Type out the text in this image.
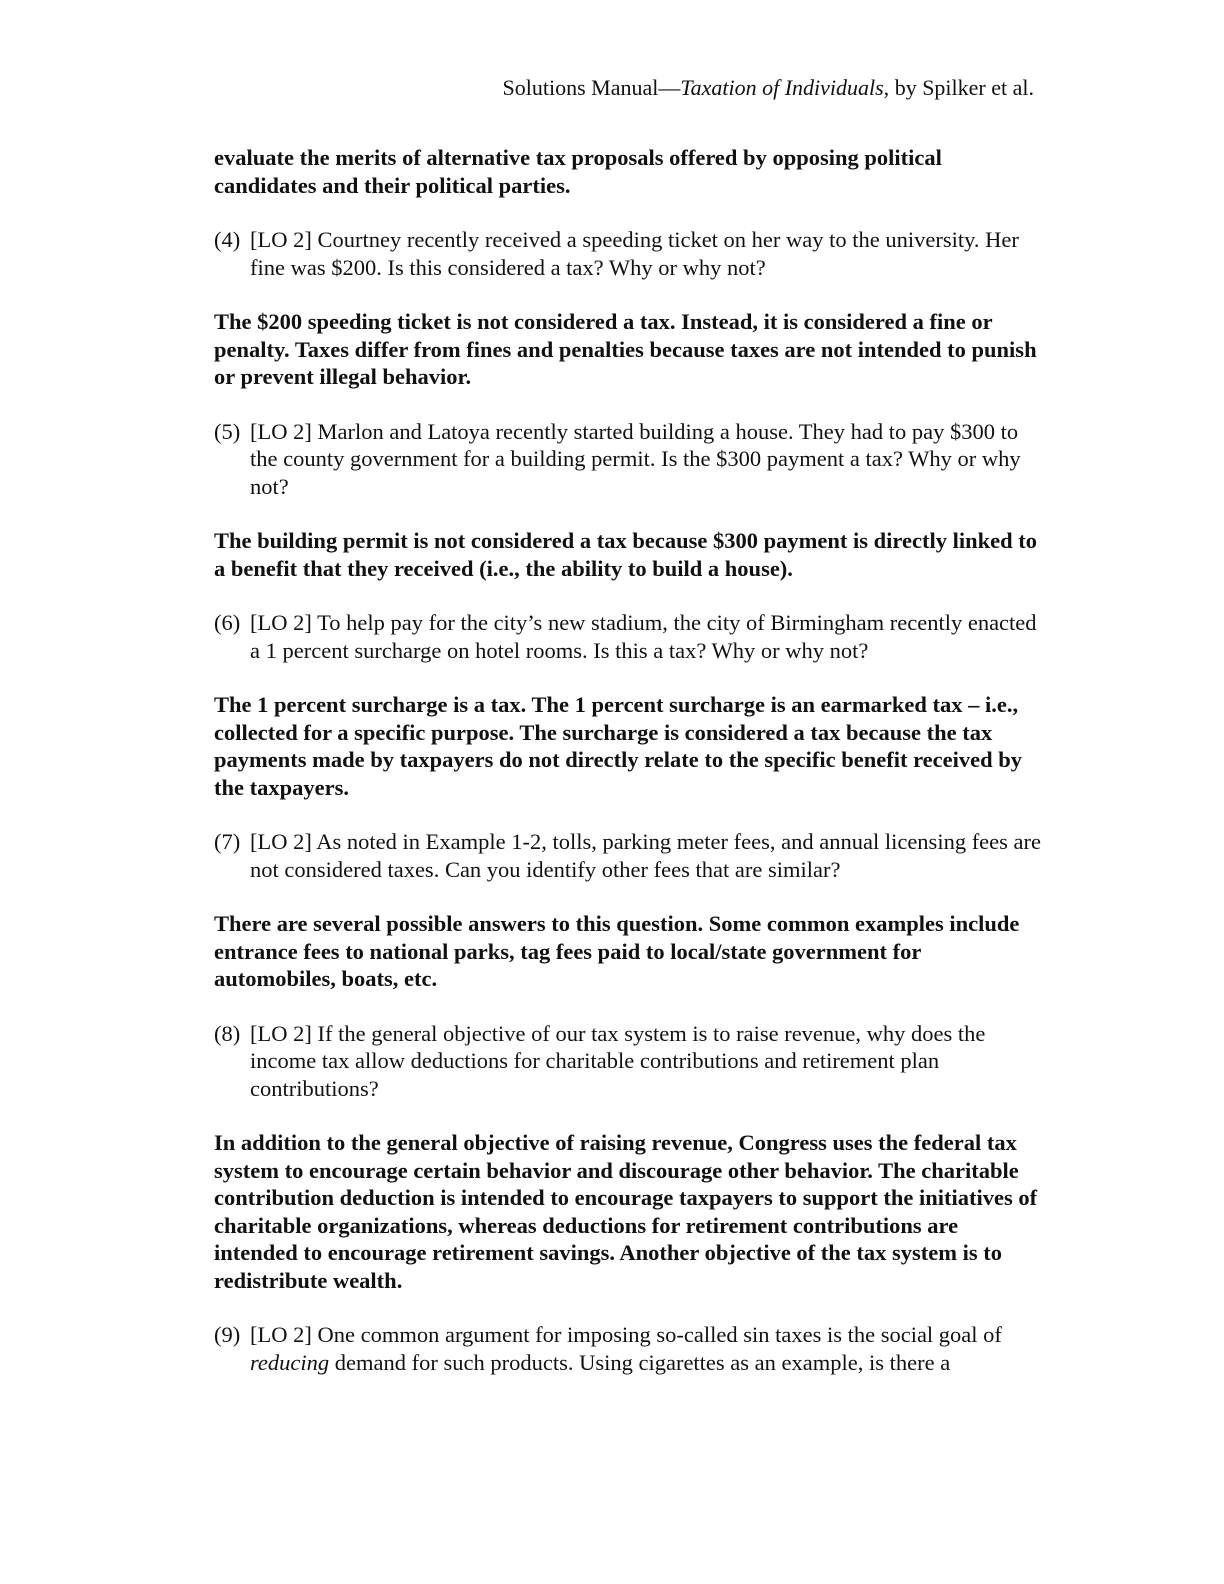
Solutions Manual—Taxation of Individuals, by Spilker et al.

evaluate the merits of alternative tax proposals offered by opposing political candidates and their political parties.

(4) [LO 2] Courtney recently received a speeding ticket on her way to the university. Her fine was $200. Is this considered a tax? Why or why not?

The $200 speeding ticket is not considered a tax. Instead, it is considered a fine or penalty. Taxes differ from fines and penalties because taxes are not intended to punish or prevent illegal behavior.

(5) [LO 2] Marlon and Latoya recently started building a house. They had to pay $300 to the county government for a building permit. Is the $300 payment a tax? Why or why not?

The building permit is not considered a tax because $300 payment is directly linked to a benefit that they received (i.e., the ability to build a house).

(6) [LO 2] To help pay for the city’s new stadium, the city of Birmingham recently enacted a 1 percent surcharge on hotel rooms. Is this a tax? Why or why not?

The 1 percent surcharge is a tax. The 1 percent surcharge is an earmarked tax – i.e., collected for a specific purpose. The surcharge is considered a tax because the tax payments made by taxpayers do not directly relate to the specific benefit received by the taxpayers.

(7) [LO 2] As noted in Example 1-2, tolls, parking meter fees, and annual licensing fees are not considered taxes. Can you identify other fees that are similar?

There are several possible answers to this question. Some common examples include entrance fees to national parks, tag fees paid to local/state government for automobiles, boats, etc.

(8) [LO 2] If the general objective of our tax system is to raise revenue, why does the income tax allow deductions for charitable contributions and retirement plan contributions?

In addition to the general objective of raising revenue, Congress uses the federal tax system to encourage certain behavior and discourage other behavior. The charitable contribution deduction is intended to encourage taxpayers to support the initiatives of charitable organizations, whereas deductions for retirement contributions are intended to encourage retirement savings. Another objective of the tax system is to redistribute wealth.

(9) [LO 2] One common argument for imposing so-called sin taxes is the social goal of reducing demand for such products. Using cigarettes as an example, is there a
